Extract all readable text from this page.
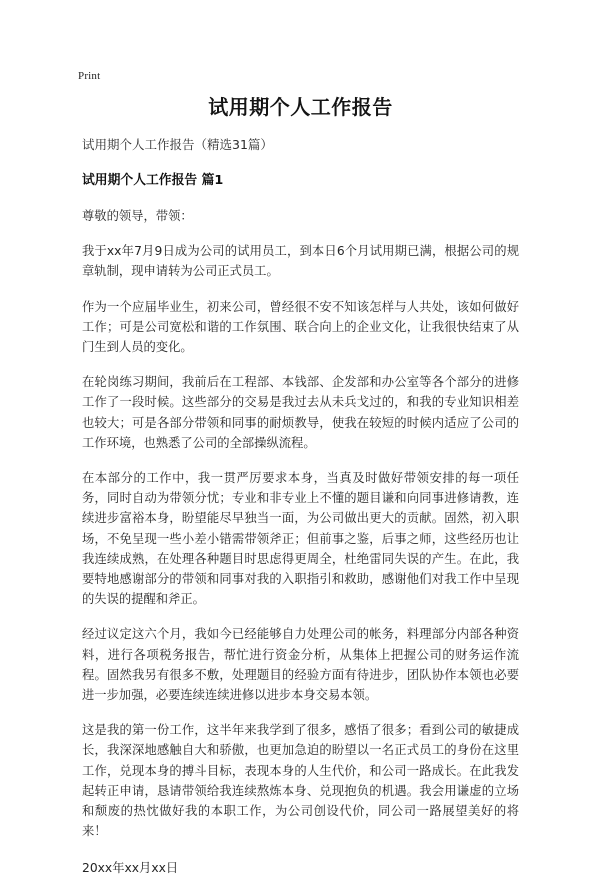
Print
试用期个人工作报告
试用期个人工作报告（精选31篇）
试用期个人工作报告 篇1

尊敬的领导，带领：

我于xx年7月9日成为公司的试用员工，到本日6个月试用期已满，根据公司的规章轨制，现申请转为公司正式员工。

作为一个应届毕业生，初来公司，曾经很不安不知该怎样与人共处，该如何做好工作；可是公司宽松和谐的工作氛围、联合向上的企业文化，让我很快结束了从门生到人员的变化。

在轮岗练习期间，我前后在工程部、本钱部、企发部和办公室等各个部分的进修工作了一段时候。这些部分的交易是我过去从未兵戈过的，和我的专业知识相差也较大；可是各部分带领和同事的耐烦教导，使我在较短的时候内适应了公司的工作环境，也熟悉了公司的全部操纵流程。

在本部分的工作中，我一贯严厉要求本身，当真及时做好带领安排的每一项任务，同时自动为带领分忧；专业和非专业上不懂的题目谦和向同事进修请教，连续进步富裕本身，盼望能尽早独当一面，为公司做出更大的贡献。固然，初入职场，不免呈现一些小差小错需带领斧正；但前事之鉴，后事之师，这些经历也让我连续成熟，在处理各种题目时思虑得更周全，杜绝雷同失误的产生。在此，我要特地感谢部分的带领和同事对我的入职指引和救助，感谢他们对我工作中呈现的失误的提醒和斧正。

经过议定这六个月，我如今已经能够自力处理公司的帐务，料理部分内部各种资料，进行各项税务报告，帮忙进行资金分析，从集体上把握公司的财务运作流程。固然我另有很多不敷，处理题目的经验方面有待进步，团队协作本领也必要进一步加强，必要连续连续进修以进步本身交易本领。

这是我的第一份工作，这半年来我学到了很多，感悟了很多；看到公司的敏捷成长，我深深地感触自大和骄傲，也更加急迫的盼望以一名正式员工的身份在这里工作，兑现本身的搏斗目标，表现本身的人生代价，和公司一路成长。在此我发起转正申请，恳请带领给我连续熬炼本身、兑现抱负的机遇。我会用谦虚的立场和颓废的热忱做好我的本职工作，为公司创设代价，同公司一路展望美好的将来！

20xx年xx月xx日
